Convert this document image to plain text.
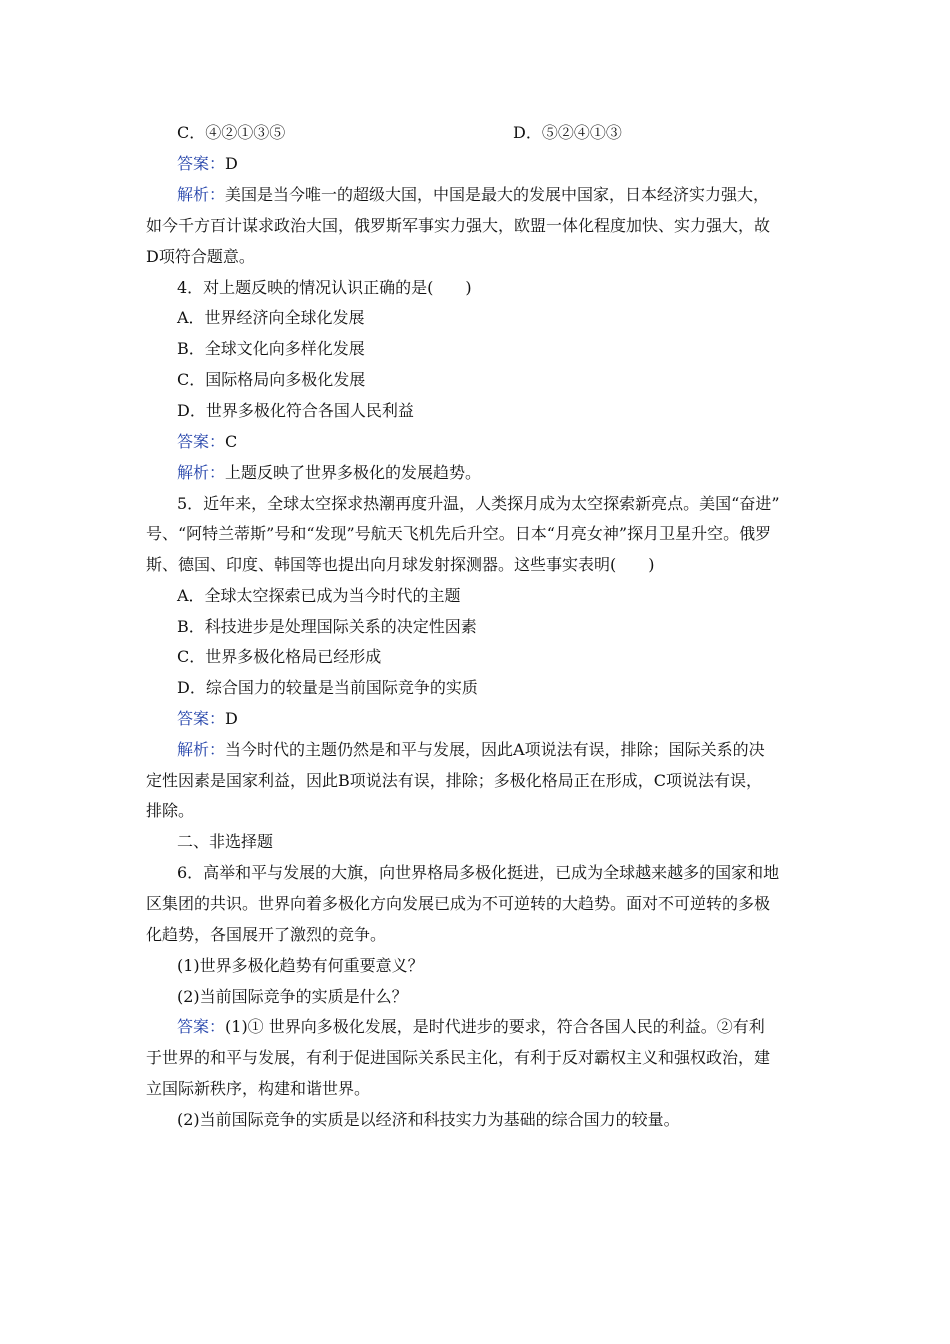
C．④②①③⑤	D．⑤②④①③
答案：D
解析：美国是当今唯一的超级大国，中国是最大的发展中国家，日本经济实力强大，
如今千方百计谋求政治大国，俄罗斯军事实力强大，欧盟一体化程度加快、实力强大，故
D项符合题意。
4．对上题反映的情况认识正确的是(　　)
A．世界经济向全球化发展
B．全球文化向多样化发展
C．国际格局向多极化发展
D．世界多极化符合各国人民利益
答案：C
解析：上题反映了世界多极化的发展趋势。
5．近年来，全球太空探求热潮再度升温，人类探月成为太空探索新亮点。美国“奋进”
号、“阿特兰蒂斯”号和“发现”号航天飞机先后升空。日本“月亮女神”探月卫星升空。俄罗
斯、德国、印度、韩国等也提出向月球发射探测器。这些事实表明(　　)
A．全球太空探索已成为当今时代的主题
B．科技进步是处理国际关系的决定性因素
C．世界多极化格局已经形成
D．综合国力的较量是当前国际竞争的实质
答案：D
解析：当今时代的主题仍然是和平与发展，因此A项说法有误，排除；国际关系的决
定性因素是国家利益，因此B项说法有误，排除；多极化格局正在形成，C项说法有误，
排除。
二、非选择题
6．高举和平与发展的大旗，向世界格局多极化挺进，已成为全球越来越多的国家和地
区集团的共识。世界向着多极化方向发展已成为不可逆转的大趋势。面对不可逆转的多极
化趋势，各国展开了激烈的竞争。
(1)世界多极化趋势有何重要意义？
(2)当前国际竞争的实质是什么？
答案：(1)① 世界向多极化发展，是时代进步的要求，符合各国人民的利益。②有利
于世界的和平与发展，有利于促进国际关系民主化，有利于反对霸权主义和强权政治，建
立国际新秩序，构建和谐世界。
(2)当前国际竞争的实质是以经济和科技实力为基础的综合国力的较量。
